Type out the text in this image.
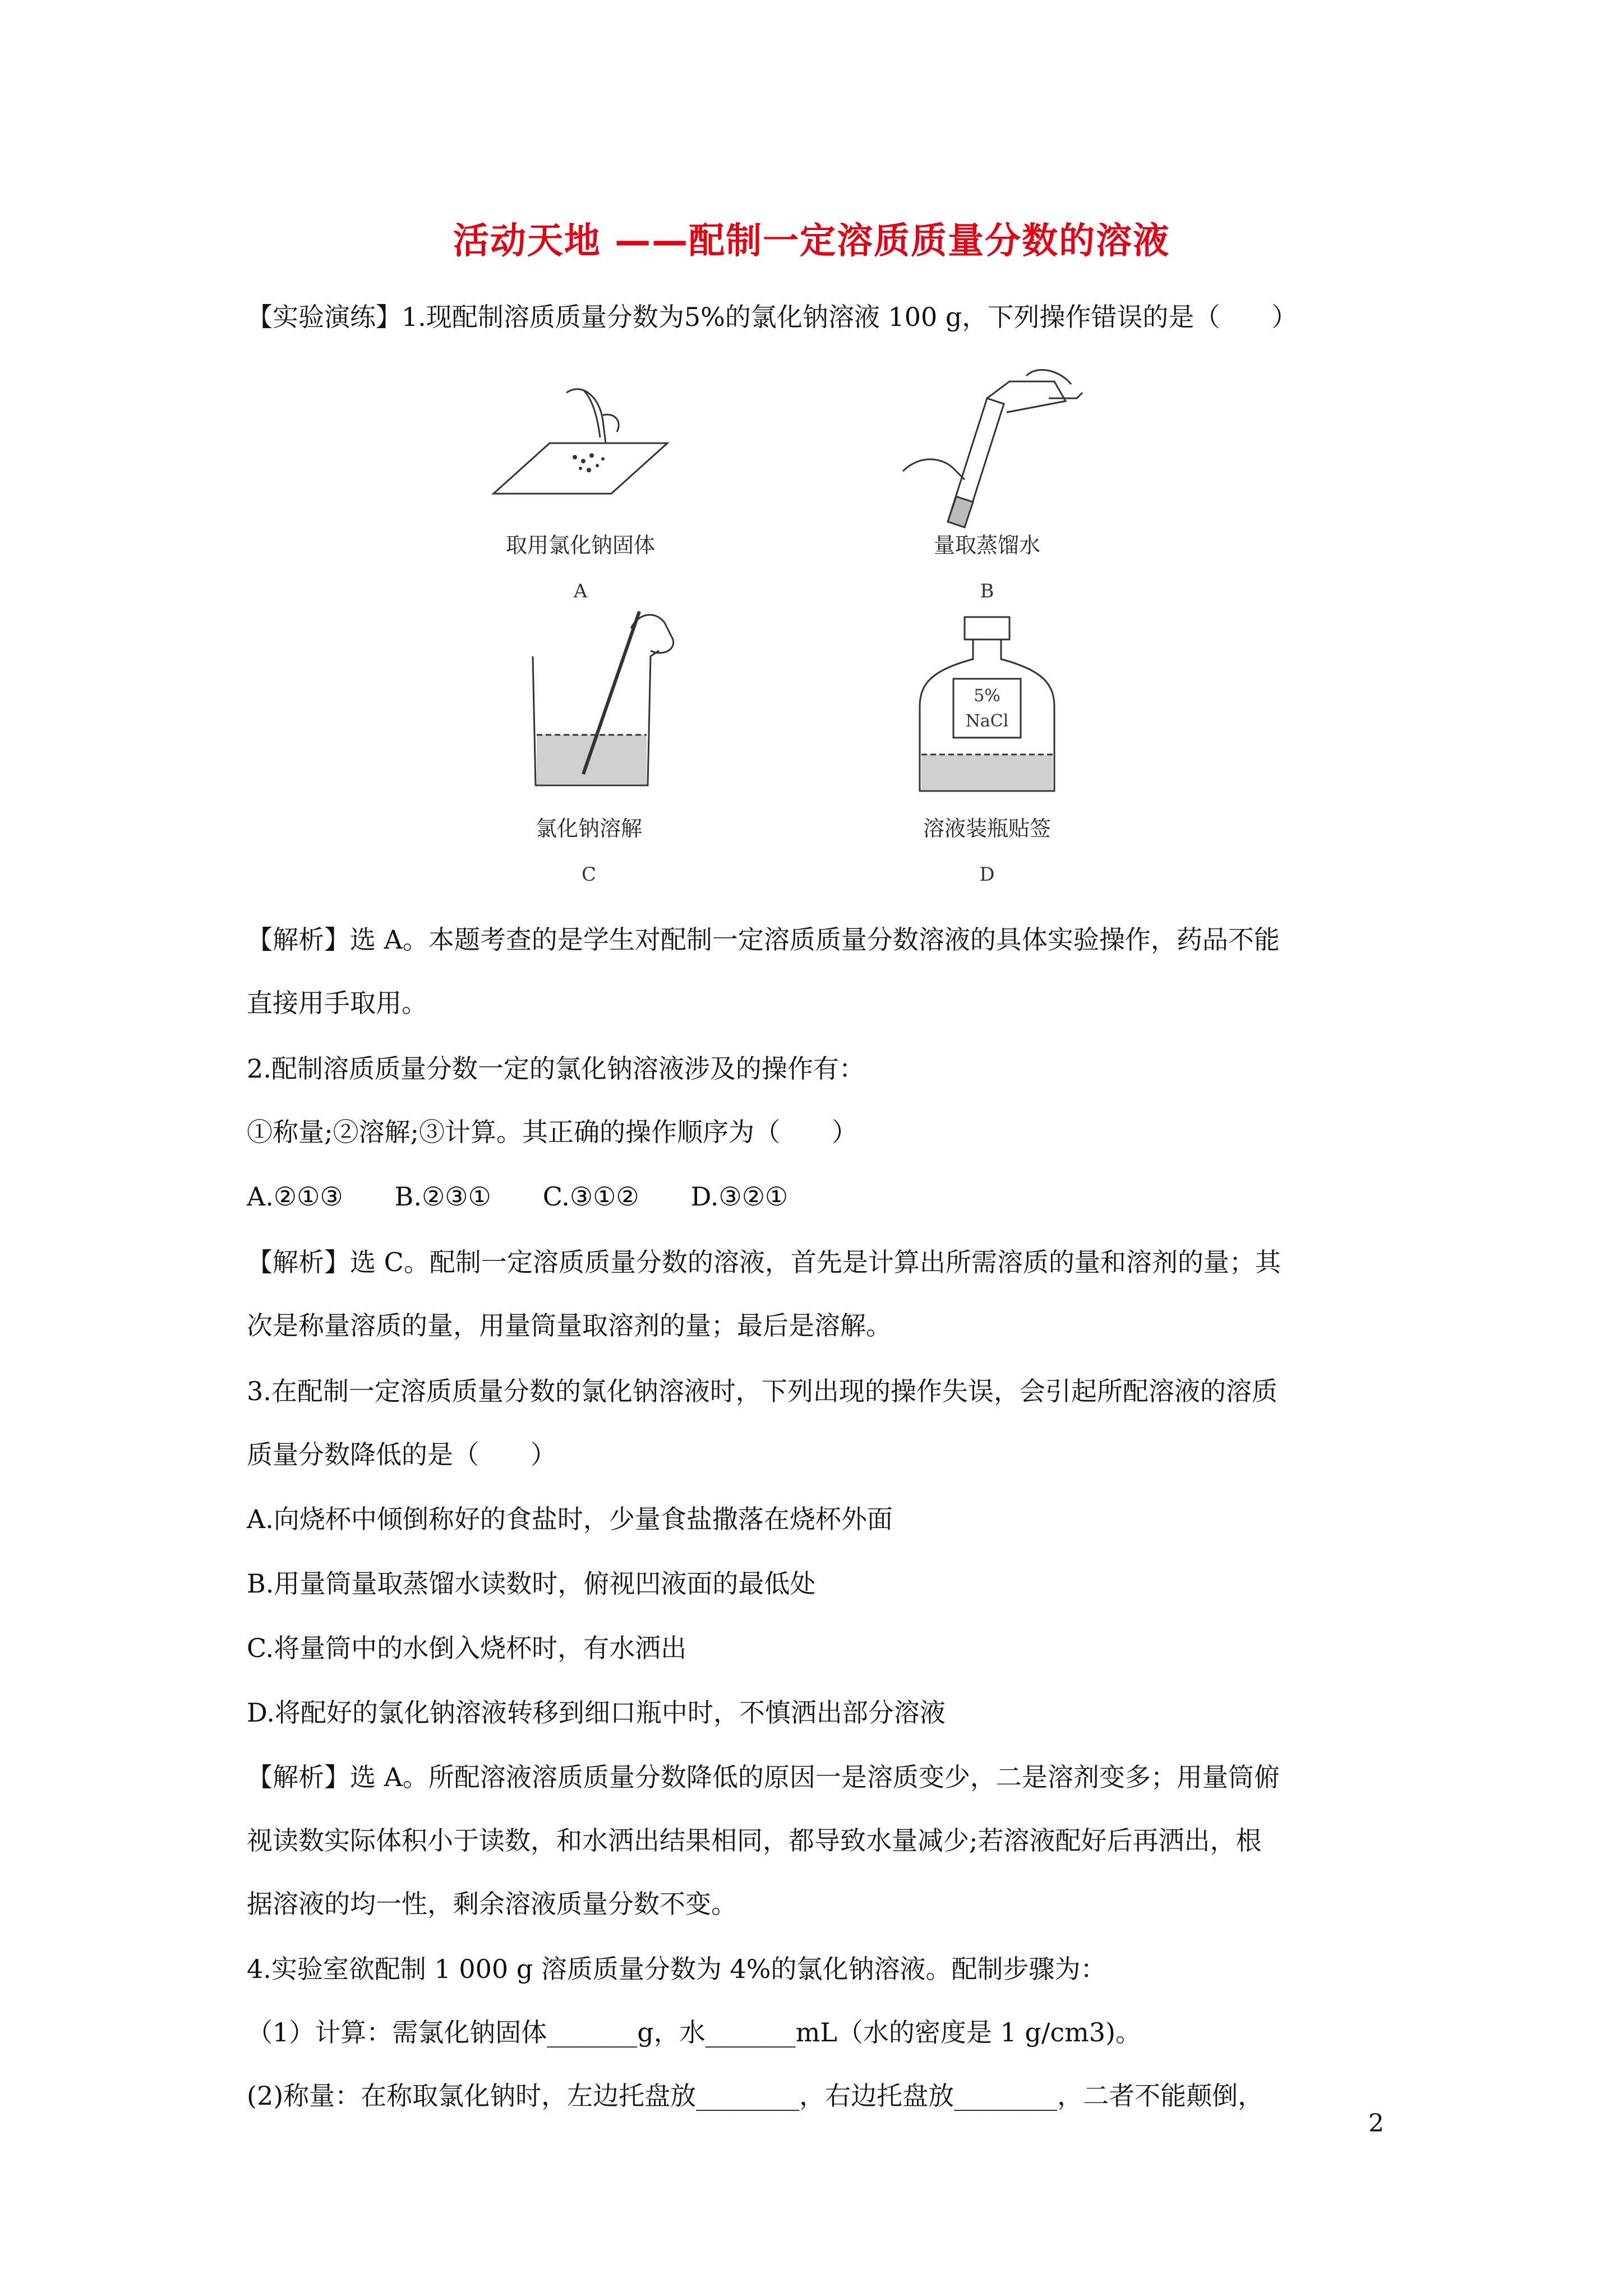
活动天地 ——配制一定溶质质量分数的溶液
【实验演练】1.现配制溶质质量分数为5%的氯化钠溶液 100 g，下列操作错误的是（　　）
取用氯化钠固体
A
量取蒸馏水
B
氯化钠溶解
C
5%
NaCl
溶液装瓶贴签
D
【解析】选 A。本题考查的是学生对配制一定溶质质量分数溶液的具体实验操作，药品不能
直接用手取用。
2.配制溶质质量分数一定的氯化钠溶液涉及的操作有：
①称量;②溶解;③计算。其正确的操作顺序为（　　）
A.②①③　　B.②③①　　C.③①②　　D.③②①
【解析】选 C。配制一定溶质质量分数的溶液，首先是计算出所需溶质的量和溶剂的量；其
次是称量溶质的量，用量筒量取溶剂的量；最后是溶解。
3.在配制一定溶质质量分数的氯化钠溶液时，下列出现的操作失误，会引起所配溶液的溶质
质量分数降低的是（　　）
A.向烧杯中倾倒称好的食盐时，少量食盐撒落在烧杯外面
B.用量筒量取蒸馏水读数时，俯视凹液面的最低处
C.将量筒中的水倒入烧杯时，有水洒出
D.将配好的氯化钠溶液转移到细口瓶中时，不慎洒出部分溶液
【解析】选 A。所配溶液溶质质量分数降低的原因一是溶质变少，二是溶剂变多；用量筒俯
视读数实际体积小于读数，和水洒出结果相同，都导致水量减少;若溶液配好后再洒出，根
据溶液的均一性，剩余溶液质量分数不变。
4.实验室欲配制 1 000 g 溶质质量分数为 4%的氯化钠溶液。配制步骤为：
（1）计算：需氯化钠固体_______g，水_______mL（水的密度是 1 g/cm3)。
(2)称量：在称取氯化钠时，左边托盘放________，右边托盘放________，二者不能颠倒，
2
